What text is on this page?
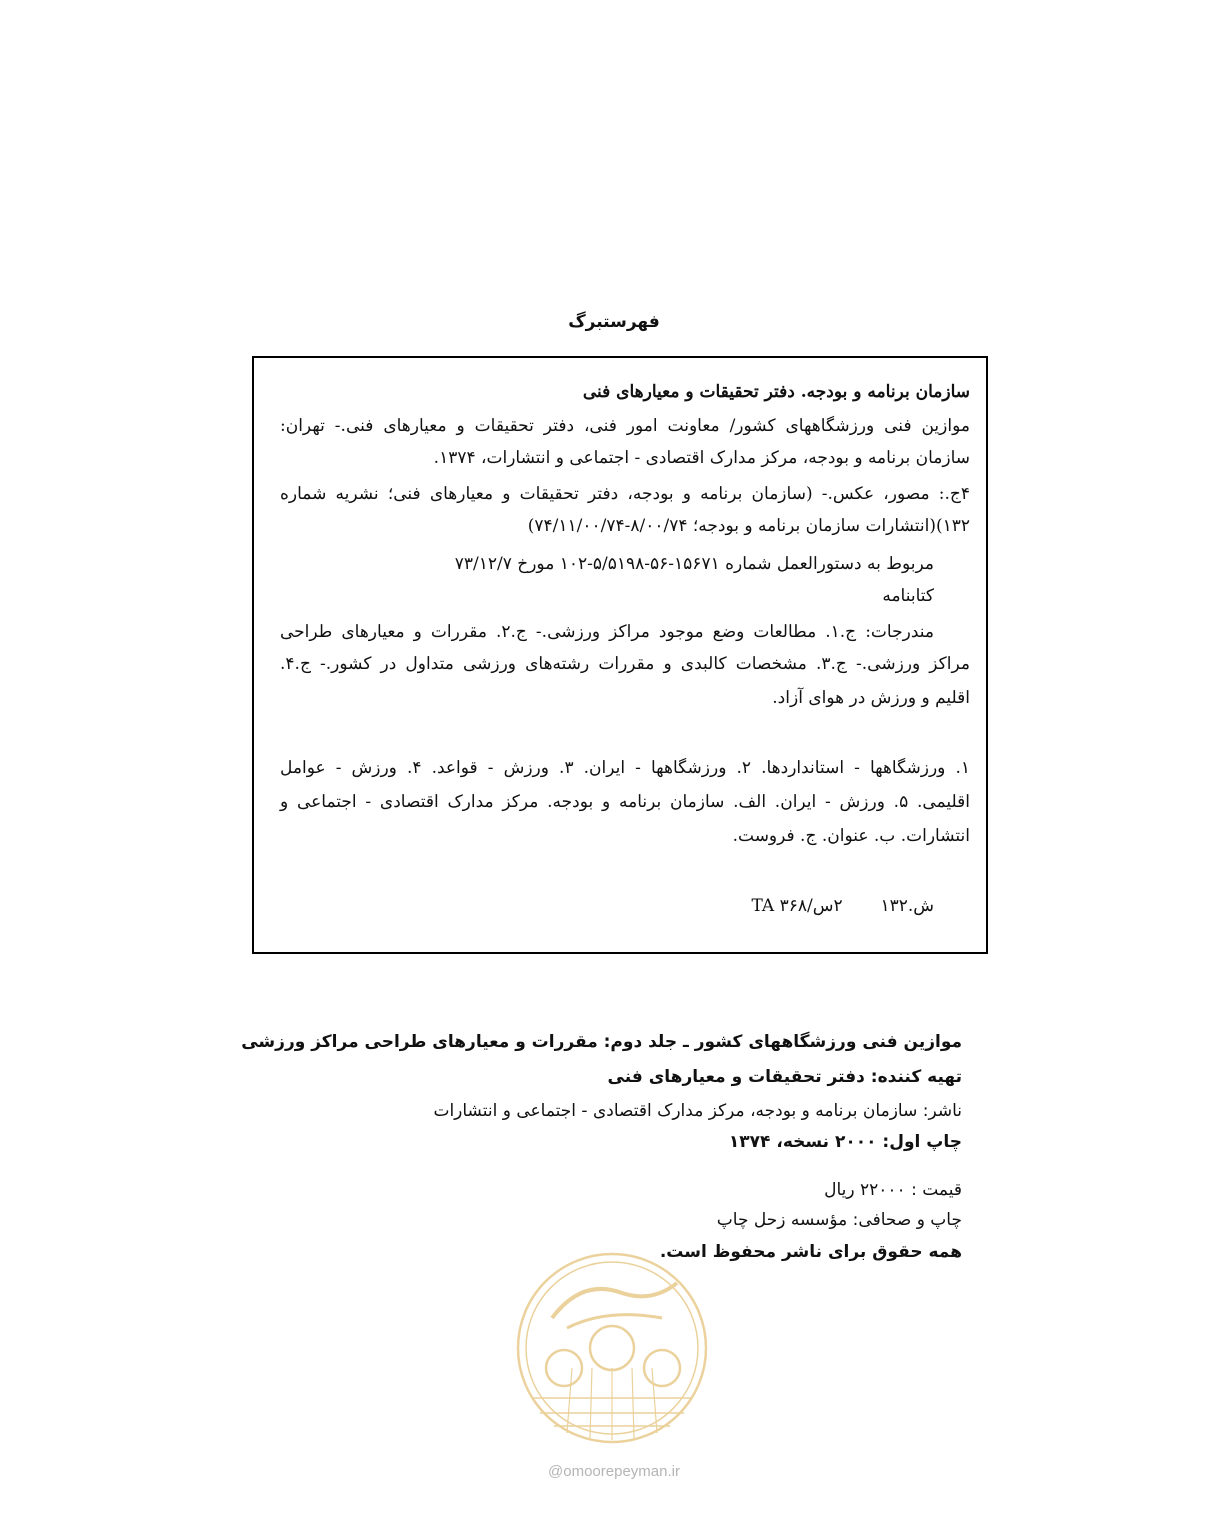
فهرستبرگ
سازمان برنامه و بودجه. دفتر تحقیقات و معیارهای فنی
موازین فنی ورزشگاههای کشور/ معاونت امور فنی، دفتر تحقیقات و معیارهای فنی.- تهران:
سازمان برنامه و بودجه، مرکز مدارک اقتصادی - اجتماعی و انتشارات، ۱۳۷۴.
۴ج.: مصور، عکس.- (سازمان برنامه و بودجه، دفتر تحقیقات و معیارهای فنی؛ نشریه شماره
۱۳۲)(انتشارات سازمان برنامه و بودجه؛ ۸/۰۰/۷۴-۷۴/۱۱/۰۰/۷۴)
مربوط به دستورالعمل شماره ۱۵۶۷۱-۵۶-۵/۵۱۹۸-۱۰۲ مورخ ۷۳/۱۲/۷
کتابنامه
مندرجات: ج.۱. مطالعات وضع موجود مراکز ورزشی.- ج.۲. مقررات و معیارهای طراحی
مراکز ورزشی.- ج.۳. مشخصات کالبدی و مقررات رشته‌های ورزشی متداول در کشور.- ج.۴.
اقلیم و ورزش در هوای آزاد.
۱. ورزشگاهها - استانداردها. ۲. ورزشگاهها - ایران. ۳. ورزش - قواعد. ۴. ورزش - عوامل
اقلیمی. ۵. ورزش - ایران. الف. سازمان برنامه و بودجه. مرکز مدارک اقتصادی - اجتماعی و
انتشارات. ب. عنوان. ج. فروست.
ش.۱۳۲       ۲س/۳۶۸ TA
موازین فنی ورزشگاههای کشور ـ جلد دوم: مقررات و معیارهای طراحی مراکز ورزشی
تهیه کننده: دفتر تحقیقات و معیارهای فنی
ناشر: سازمان برنامه و بودجه، مرکز مدارک اقتصادی - اجتماعی و انتشارات
چاپ اول: ۲۰۰۰ نسخه، ۱۳۷۴
قیمت : ۲۲۰۰۰ ریال
چاپ و صحافی: مؤسسه زحل چاپ
همه حقوق برای ناشر محفوظ است.
@omoorepeyman.ir
